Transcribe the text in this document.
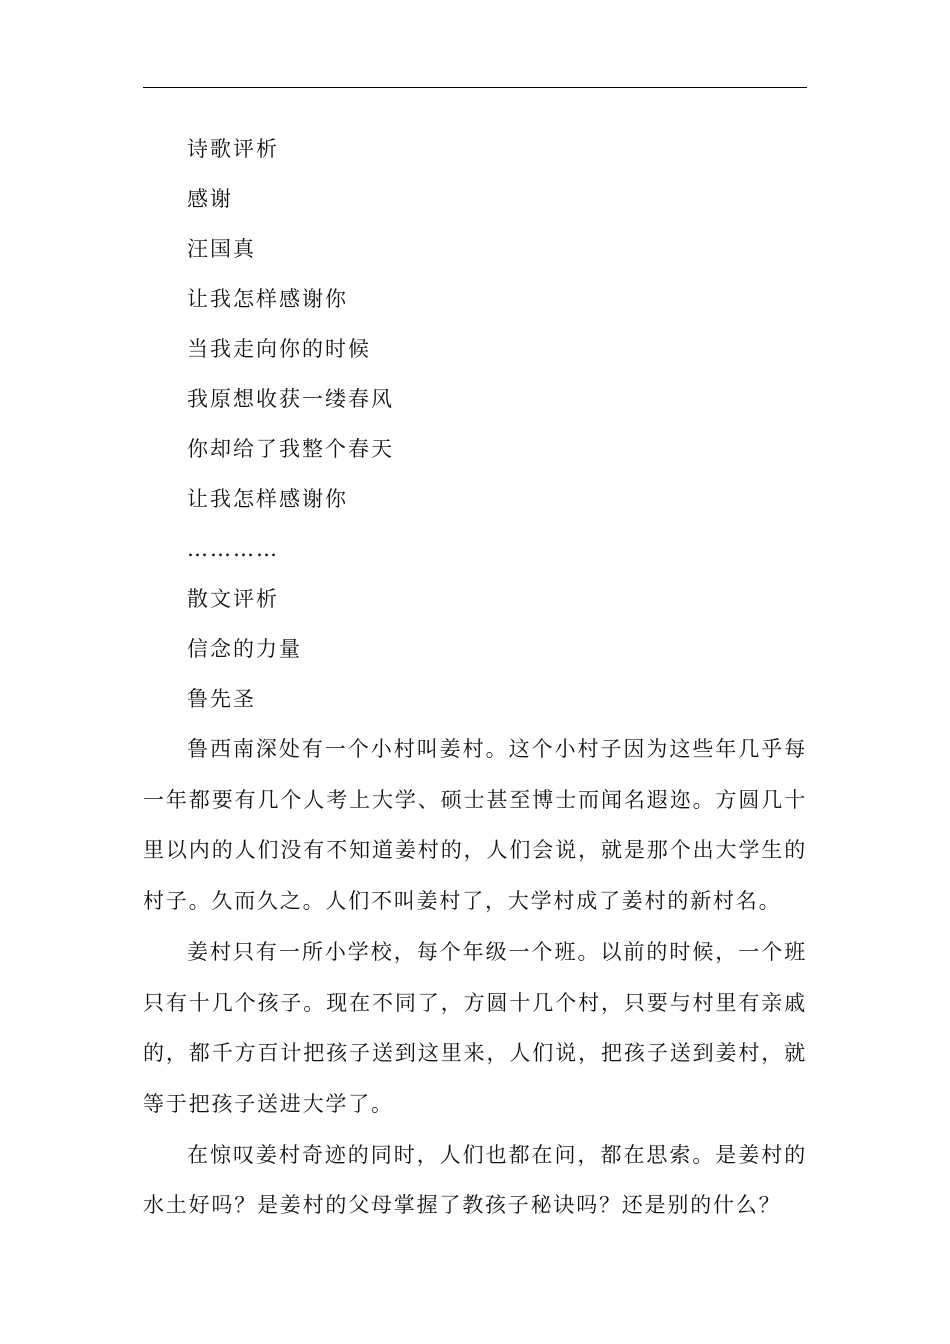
诗歌评析
感谢
汪国真
让我怎样感谢你
当我走向你的时候
我原想收获一缕春风
你却给了我整个春天
让我怎样感谢你
…………
散文评析
信念的力量
鲁先圣

鲁西南深处有一个小村叫姜村。这个小村子因为这些年几乎每一年都要有几个人考上大学、硕士甚至博士而闻名遐迩。方圆几十里以内的人们没有不知道姜村的，人们会说，就是那个出大学生的村子。久而久之。人们不叫姜村了，大学村成了姜村的新村名。

姜村只有一所小学校，每个年级一个班。以前的时候，一个班只有十几个孩子。现在不同了，方圆十几个村，只要与村里有亲戚的，都千方百计把孩子送到这里来，人们说，把孩子送到姜村，就等于把孩子送进大学了。

在惊叹姜村奇迹的同时，人们也都在问，都在思索。是姜村的水土好吗？是姜村的父母掌握了教孩子秘诀吗？还是别的什么？
